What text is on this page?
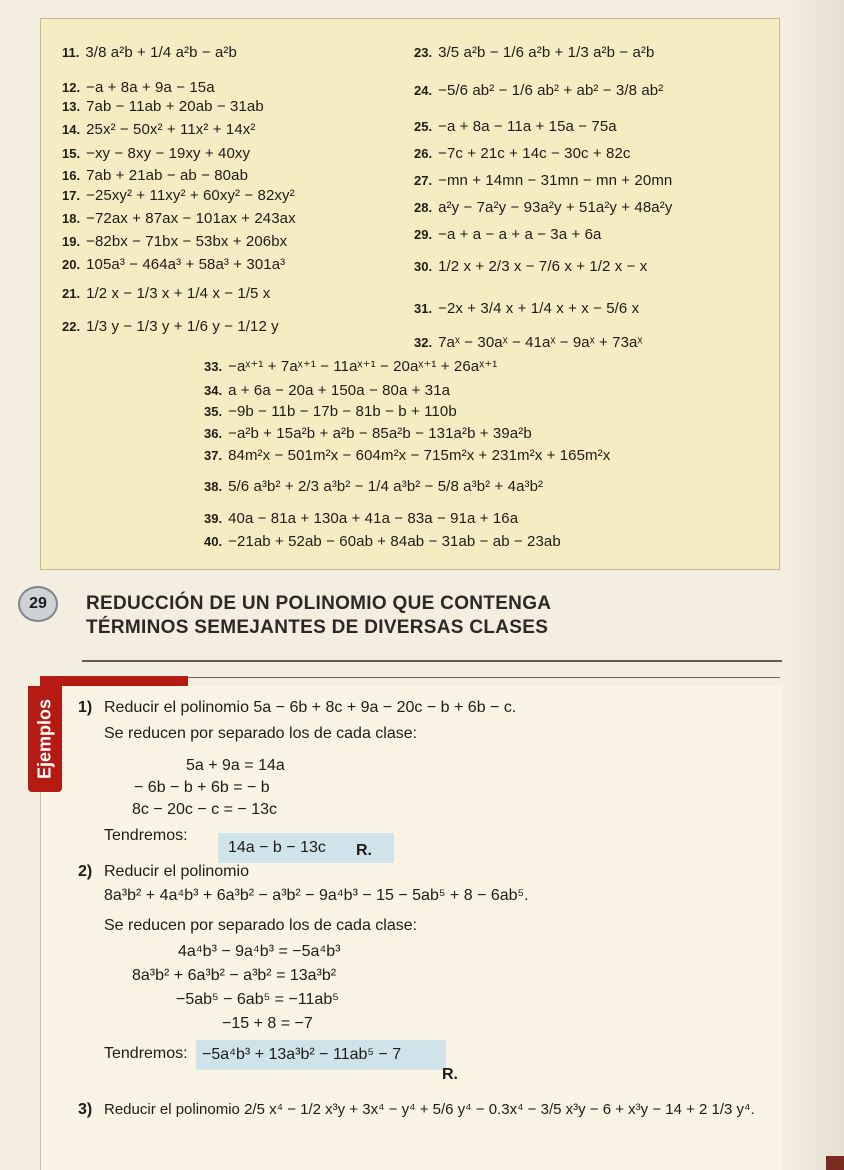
11. 3/8 a²b + 1/4 a²b − a²b
12. −a + 8a + 9a − 15a
13. 7ab − 11ab + 20ab − 31ab
14. 25x² − 50x² + 11x² + 14x²
15. −xy − 8xy − 19xy + 40xy
16. 7ab + 21ab − ab − 80ab
17. −25xy² + 11xy² + 60xy² − 82xy²
18. −72ax + 87ax − 101ax + 243ax
19. −82bx − 71bx − 53bx + 206bx
20. 105a³ − 464a³ + 58a³ + 301a³
21. 1/2 x − 1/3 x + 1/4 x − 1/5 x
22. 1/3 y − 1/3 y + 1/6 y − 1/12 y
23. 3/5 a²b − 1/6 a²b + 1/3 a²b − a²b
24. −5/6 ab² − 1/6 ab² + ab² − 3/8 ab²
25. −a + 8a − 11a + 15a − 75a
26. −7c + 21c + 14c − 30c + 82c
27. −mn + 14mn − 31mn − mn + 20mn
28. a²y − 7a²y − 93a²y + 51a²y + 48a²y
29. −a + a − a + a − 3a + 6a
30. 1/2 x + 2/3 x − 7/6 x + 1/2 x − x
31. −2x + 3/4 x + 1/4 x + x − 5/6 x
32. 7aˣ − 30aˣ − 41aˣ − 9aˣ + 73aˣ
33. −aˣ⁺¹ + 7aˣ⁺¹ − 11aˣ⁺¹ − 20aˣ⁺¹ + 26aˣ⁺¹
34. a + 6a − 20a + 150a − 80a + 31a
35. −9b − 11b − 17b − 81b − b + 110b
36. −a²b + 15a²b + a²b − 85a²b − 131a²b + 39a²b
37. 84m²x − 501m²x − 604m²x − 715m²x + 231m²x + 165m²x
38. 5/6 a³b² + 2/3 a³b² − 1/4 a³b² − 5/8 a³b² + 4a³b²
39. 40a − 81a + 130a + 41a − 83a − 91a + 16a
40. −21ab + 52ab − 60ab + 84ab − 31ab − ab − 23ab
29	REDUCCIÓN DE UN POLINOMIO QUE CONTENGA
TÉRMINOS SEMEJANTES DE DIVERSAS CLASES
Ejemplos 1) Reducir el polinomio 5a − 6b + 8c + 9a − 20c − b + 6b − c.
Se reducen por separado los de cada clase:
5a + 9a = 14a
− 6b − b + 6b = − b
8c − 20c − c = − 13c
Tendremos:
14a − b − 13c R.
2) Reducir el polinomio
8a³b² + 4a⁴b³ + 6a³b² − a³b² − 9a⁴b³ − 15 − 5ab⁵ + 8 − 6ab⁵.
Se reducen por separado los de cada clase:
4a⁴b³ − 9a⁴b³ = −5a⁴b³
8a³b² + 6a³b² − a³b² = 13a³b²
−5ab⁵ − 6ab⁵ = −11ab⁵
−15 + 8 = −7
Tendremos: −5a⁴b³ + 13a³b² − 11ab⁵ − 7
R.
3) Reducir el polinomio 2/5 x⁴ − 1/2 x³y + 3x⁴ − y⁴ + 5/6 y⁴ − 0.3x⁴ − 3/5 x³y − 6 + x³y − 14 + 2 1/3 y⁴.
